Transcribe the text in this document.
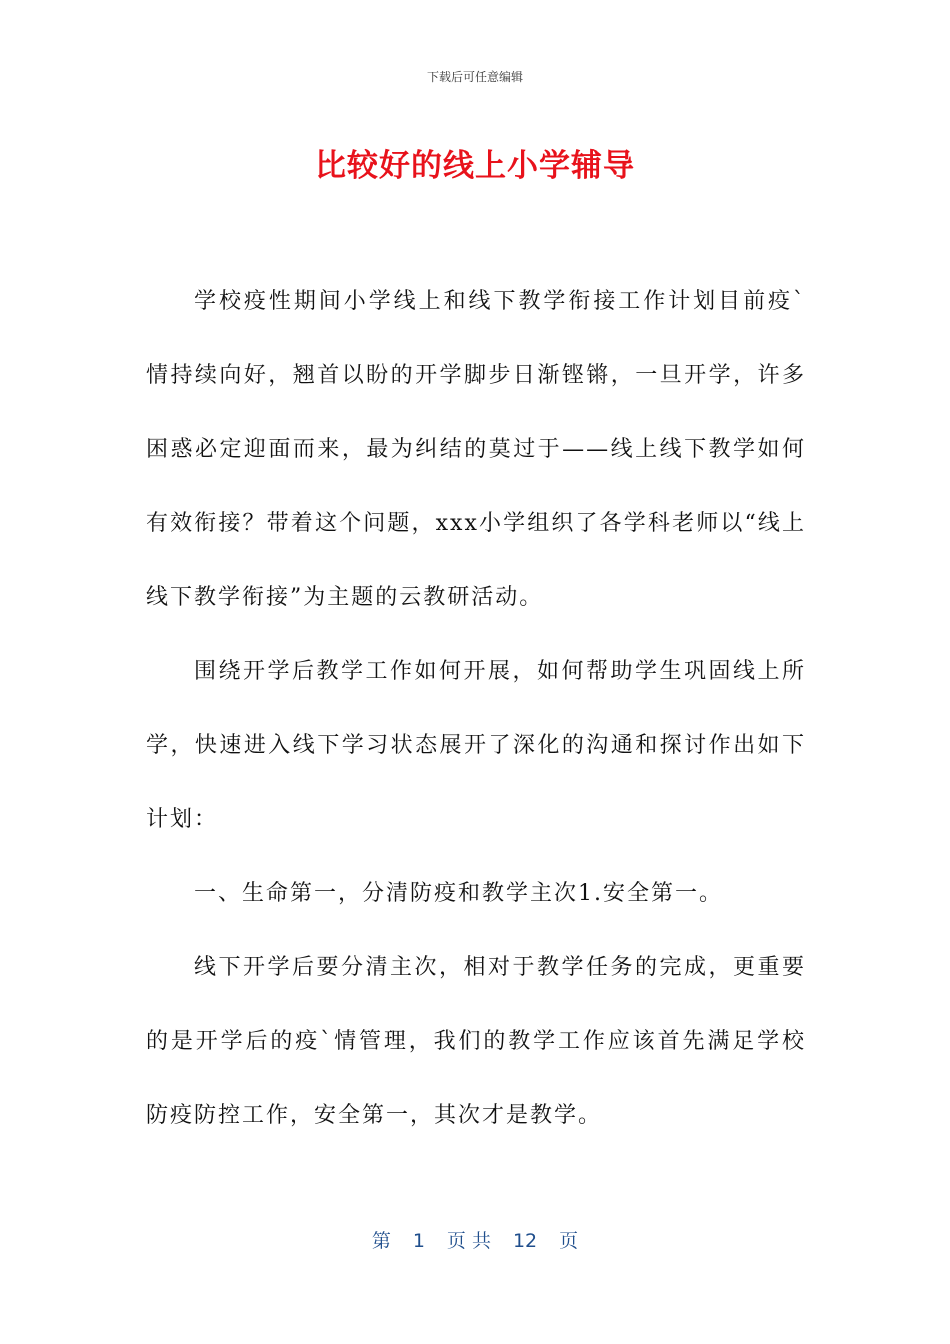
下载后可任意编辑
比较好的线上小学辅导

学校疫性期间小学线上和线下教学衔接工作计划目前疫`情持续向好，翘首以盼的开学脚步日渐铿锵，一旦开学，许多困惑必定迎面而来，最为纠结的莫过于——线上线下教学如何有效衔接？带着这个问题，xxx小学组织了各学科老师以“线上线下教学衔接”为主题的云教研活动。

围绕开学后教学工作如何开展，如何帮助学生巩固线上所学，快速进入线下学习状态展开了深化的沟通和探讨作出如下计划：

一、生命第一，分清防疫和教学主次1.安全第一。

线下开学后要分清主次，相对于教学任务的完成，更重要的是开学后的疫`情管理，我们的教学工作应该首先满足学校防疫防控工作，安全第一，其次才是教学。

第 1 页 共 12 页
